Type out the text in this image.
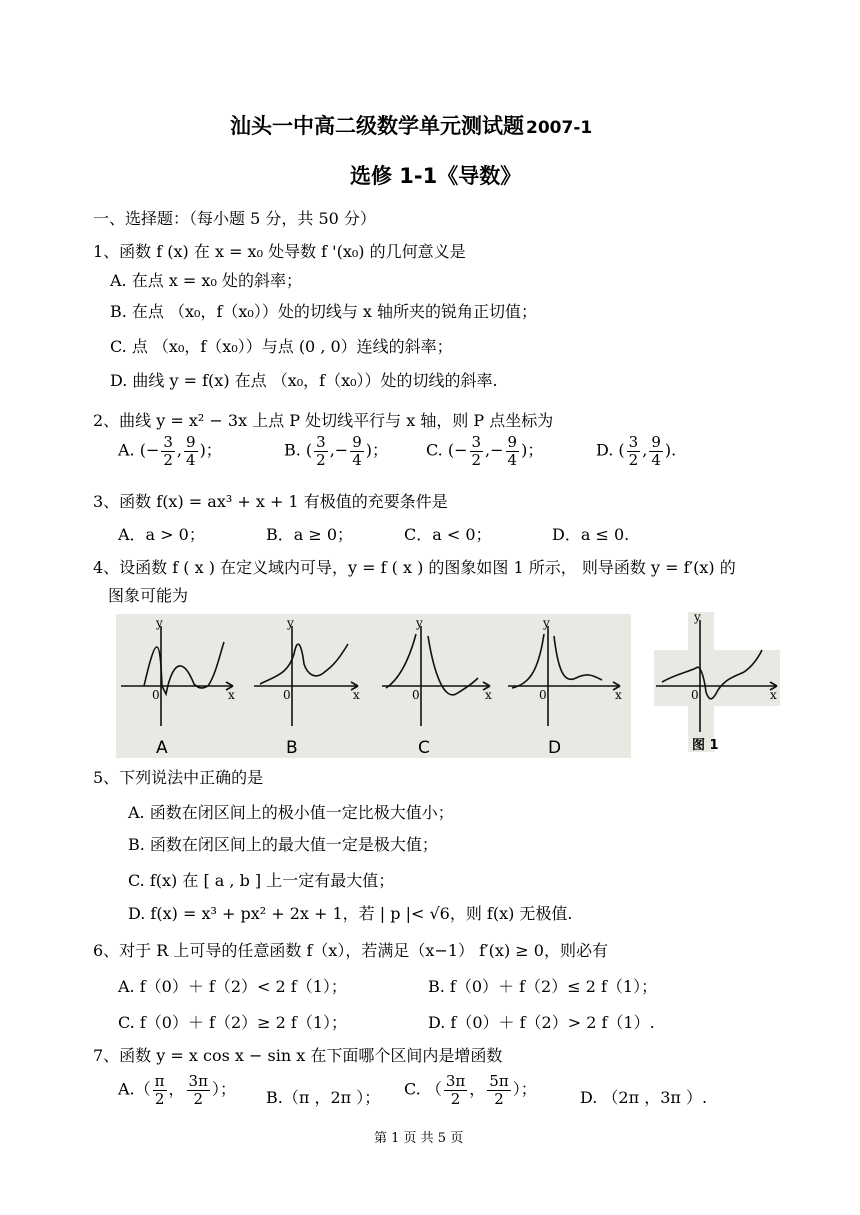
汕头一中高二级数学单元测试题 2007-1
选修 1-1《导数》
一、选择题：（每小题 5 分，共 50 分）
1、函数 f (x) 在 x = x₀ 处导数 f '(x₀) 的几何意义是
A. 在点 x = x₀ 处的斜率；
B. 在点 （x₀，f（x₀））处的切线与 x 轴所夹的锐角正切值；
C. 点 （x₀，f（x₀））与点 (0 , 0）连线的斜率；
D. 曲线 y = f(x) 在点 （x₀，f（x₀））处的切线的斜率.
2、曲线 y = x² − 3x 上点 P 处切线平行与 x 轴，则 P 点坐标为
A. (− $\frac{3}{2}$ , $\frac{9}{4}$ )；	B. ( $\frac{3}{2}$ ,− $\frac{9}{4}$ )； C. (− $\frac{3}{2}$ ,− $\frac{9}{4}$ )；	D. ( $\frac{3}{2}$ , $\frac{9}{4}$ ).
3、函数 f(x) = ax³ + x + 1 有极值的充要条件是
A．a > 0；	B．a ≥ 0；	C．a < 0；	D．a ≤ 0.
4、设函数 f ( x ) 在定义域内可导，y = f ( x ) 的图象如图 1 所示， 则导函数 y = f′(x) 的
图象可能为
y
x
0
y
x
0
y
x
0
y
x
0
A	B	C	D
y
x
0
图 1
5、下列说法中正确的是
A. 函数在闭区间上的极小值一定比极大值小；
B. 函数在闭区间上的最大值一定是极大值；
C. f(x) 在 [ a , b ] 上一定有最大值；
D. f(x) = x³ + px² + 2x + 1，若 | p |< √6，则 f(x) 无极值.
6、对于 R 上可导的任意函数 f（x），若满足（x−1） f′(x) ≥ 0，则必有
A. f（0）＋ f（2）< 2 f（1）；	B. f（0）＋ f（2）≤ 2 f（1）；
C. f（0）＋ f（2）≥ 2 f（1）；	D. f（0）＋ f（2）> 2 f（1）.
7、函数 y = x cos x − sin x 在下面哪个区间内是增函数
$A.( \frac{\pi}{2}$ ， $\frac{3\pi}{2}$ ）； B.（π ，2π ）； C. （ $\frac{3\pi}{2}$ ， $\frac{5\pi}{2}$ ）；	D. （2π ，3π ）.
第 1 页 共 5 页
